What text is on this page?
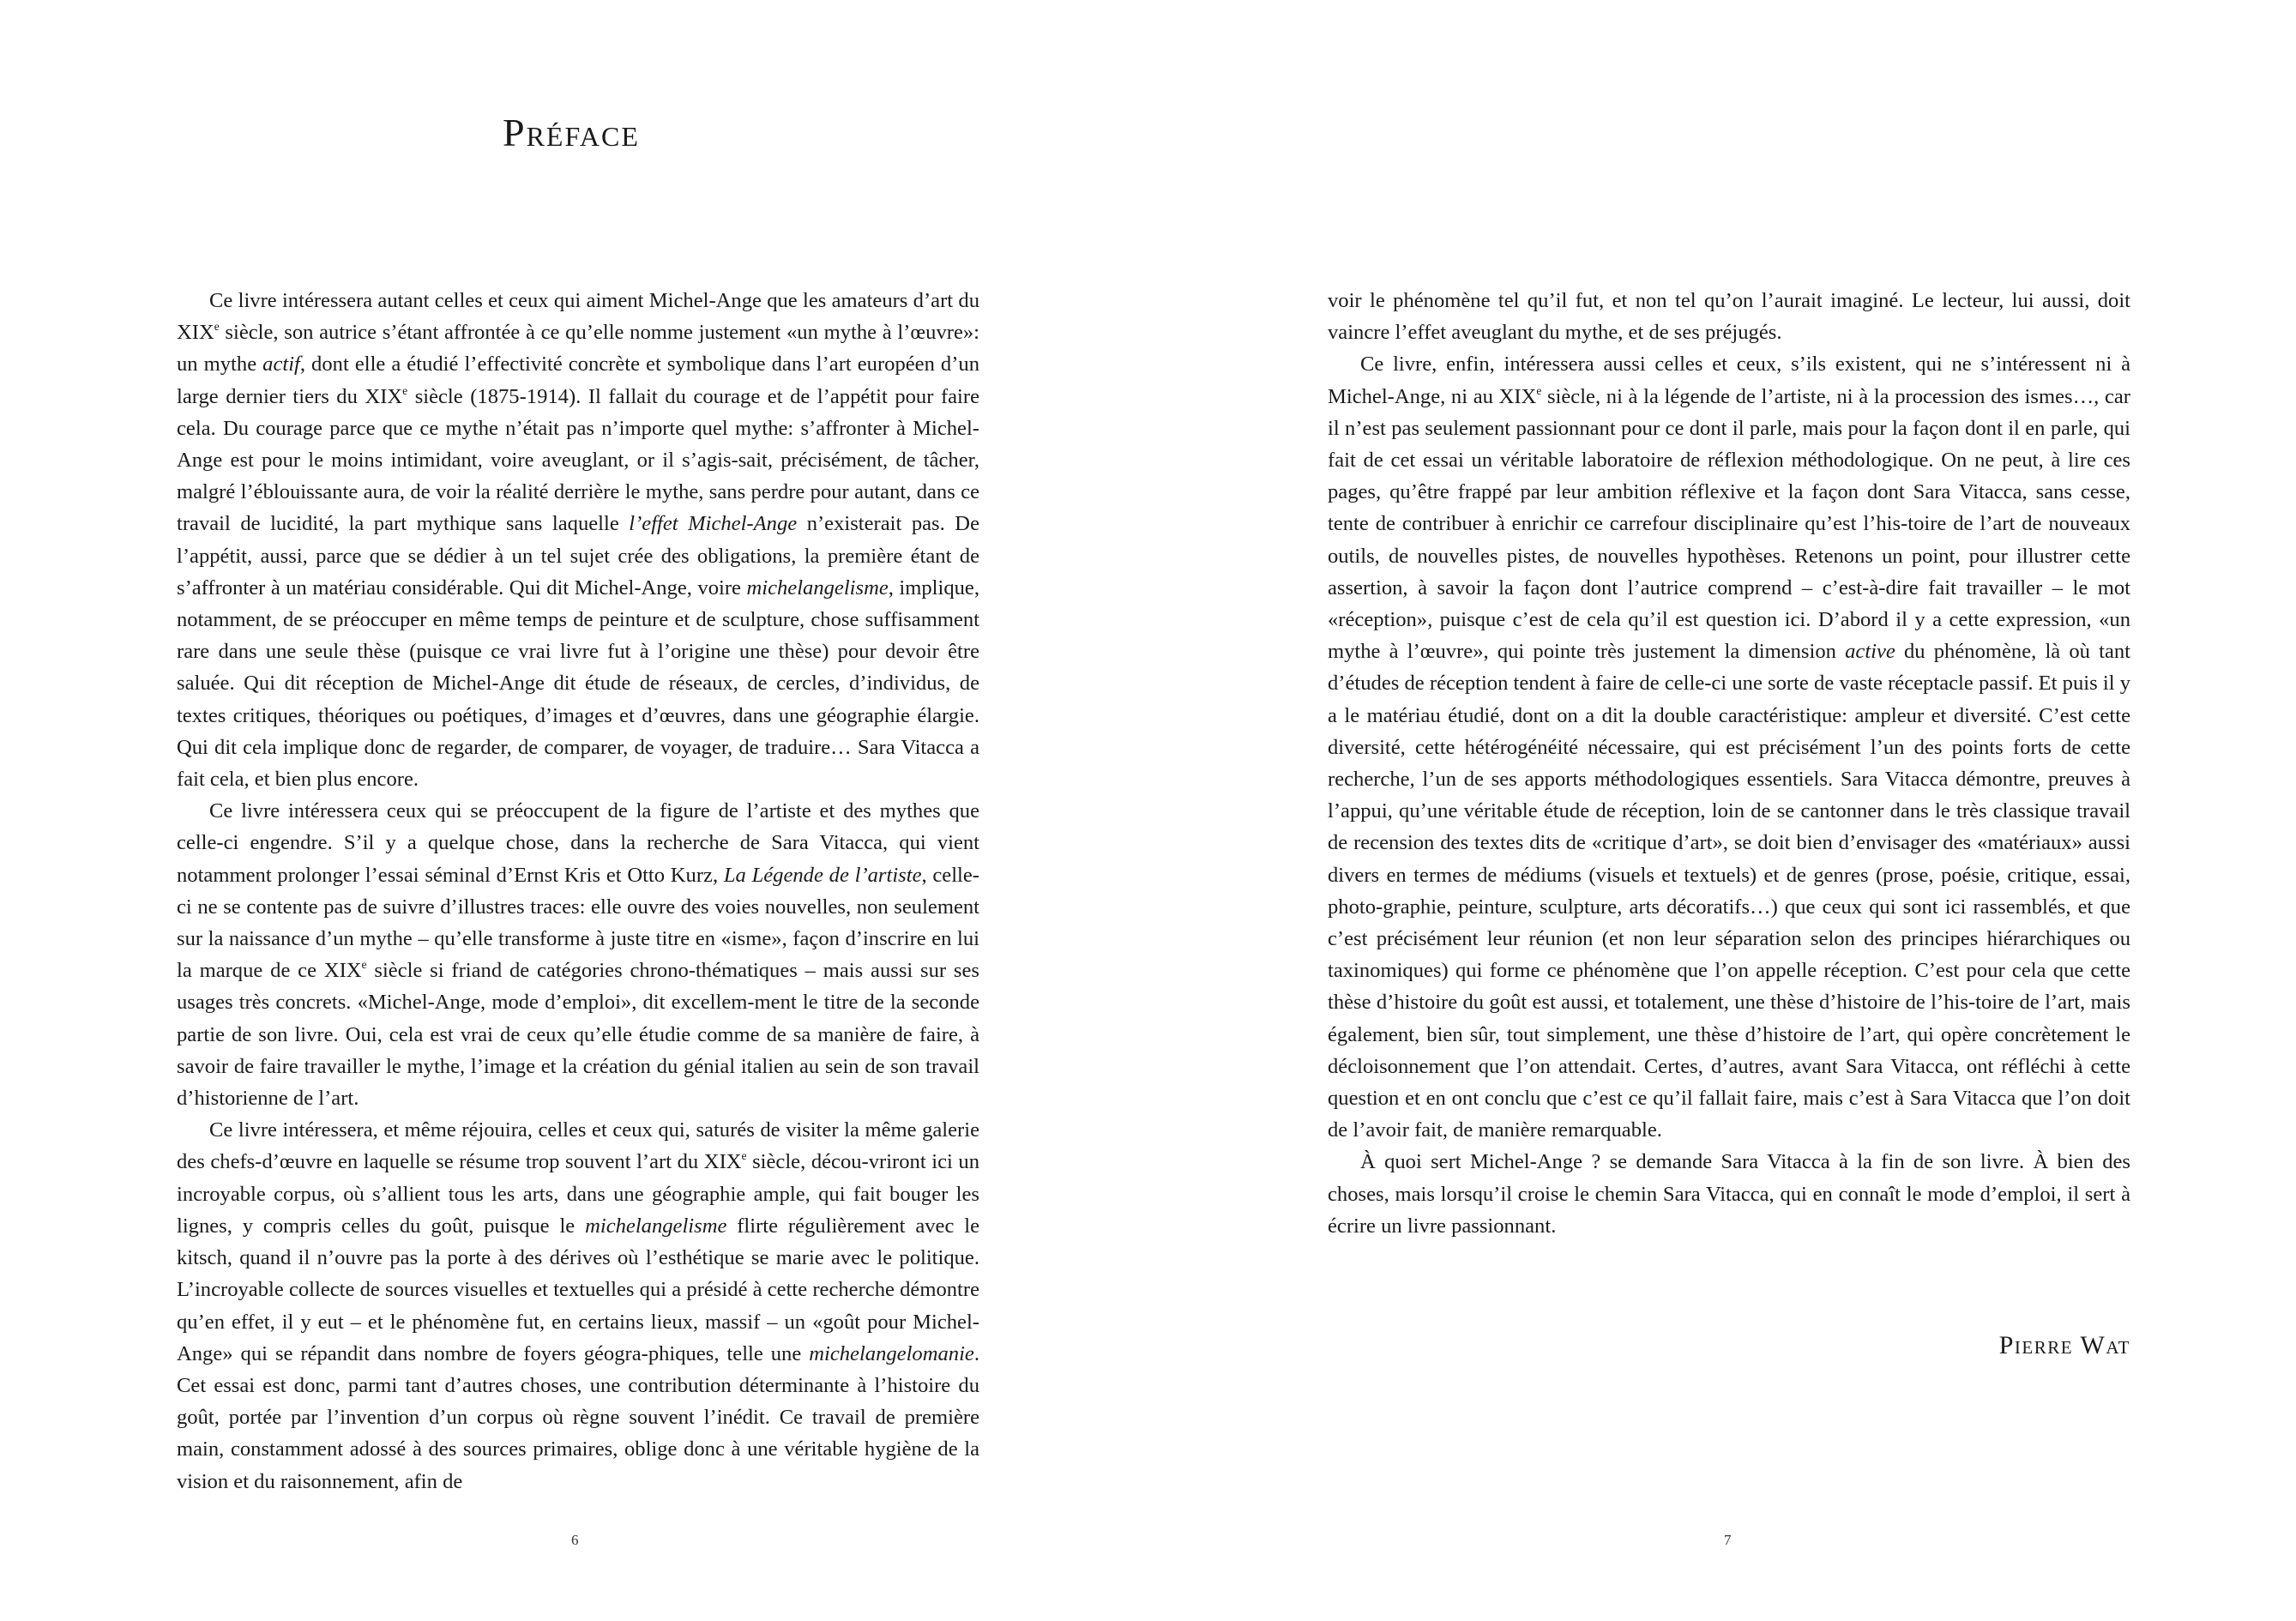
Préface

Ce livre intéressera autant celles et ceux qui aiment Michel-Ange que les amateurs d’art du XIXe siècle, son autrice s’étant affrontée à ce qu’elle nomme justement «un mythe à l’œuvre»: un mythe actif, dont elle a étudié l’effectivité concrète et symbolique dans l’art européen d’un large dernier tiers du XIXe siècle (1875-1914). Il fallait du courage et de l’appétit pour faire cela. Du courage parce que ce mythe n’était pas n’importe quel mythe: s’affronter à Michel-Ange est pour le moins intimidant, voire aveuglant, or il s’agis-sait, précisément, de tâcher, malgré l’éblouissante aura, de voir la réalité derrière le mythe, sans perdre pour autant, dans ce travail de lucidité, la part mythique sans laquelle l’effet Michel-Ange n’existerait pas. De l’appétit, aussi, parce que se dédier à un tel sujet crée des obligations, la première étant de s’affronter à un matériau considérable. Qui dit Michel-Ange, voire michelangelisme, implique, notamment, de se préoccuper en même temps de peinture et de sculpture, chose suffisamment rare dans une seule thèse (puisque ce vrai livre fut à l’origine une thèse) pour devoir être saluée. Qui dit réception de Michel-Ange dit étude de réseaux, de cercles, d’individus, de textes critiques, théoriques ou poétiques, d’images et d’œuvres, dans une géographie élargie. Qui dit cela implique donc de regarder, de comparer, de voyager, de traduire… Sara Vitacca a fait cela, et bien plus encore.

Ce livre intéressera ceux qui se préoccupent de la figure de l’artiste et des mythes que celle-ci engendre. S’il y a quelque chose, dans la recherche de Sara Vitacca, qui vient notamment prolonger l’essai séminal d’Ernst Kris et Otto Kurz, La Légende de l’artiste, celle-ci ne se contente pas de suivre d’illustres traces: elle ouvre des voies nouvelles, non seulement sur la naissance d’un mythe – qu’elle transforme à juste titre en «isme», façon d’inscrire en lui la marque de ce XIXe siècle si friand de catégories chrono-thématiques – mais aussi sur ses usages très concrets. «Michel-Ange, mode d’emploi», dit excellem-ment le titre de la seconde partie de son livre. Oui, cela est vrai de ceux qu’elle étudie comme de sa manière de faire, à savoir de faire travailler le mythe, l’image et la création du génial italien au sein de son travail d’historienne de l’art.

Ce livre intéressera, et même réjouira, celles et ceux qui, saturés de visiter la même galerie des chefs-d’œuvre en laquelle se résume trop souvent l’art du XIXe siècle, décou-vriront ici un incroyable corpus, où s’allient tous les arts, dans une géographie ample, qui fait bouger les lignes, y compris celles du goût, puisque le michelangelisme flirte régulièrement avec le kitsch, quand il n’ouvre pas la porte à des dérives où l’esthétique se marie avec le politique. L’incroyable collecte de sources visuelles et textuelles qui a présidé à cette recherche démontre qu’en effet, il y eut – et le phénomène fut, en certains lieux, massif – un «goût pour Michel-Ange» qui se répandit dans nombre de foyers géogra-phiques, telle une michelangelomanie. Cet essai est donc, parmi tant d’autres choses, une contribution déterminante à l’histoire du goût, portée par l’invention d’un corpus où règne souvent l’inédit. Ce travail de première main, constamment adossé à des sources primaires, oblige donc à une véritable hygiène de la vision et du raisonnement, afin de

6

voir le phénomène tel qu’il fut, et non tel qu’on l’aurait imaginé. Le lecteur, lui aussi, doit vaincre l’effet aveuglant du mythe, et de ses préjugés.

Ce livre, enfin, intéressera aussi celles et ceux, s’ils existent, qui ne s’intéressent ni à Michel-Ange, ni au XIXe siècle, ni à la légende de l’artiste, ni à la procession des ismes…, car il n’est pas seulement passionnant pour ce dont il parle, mais pour la façon dont il en parle, qui fait de cet essai un véritable laboratoire de réflexion méthodologique. On ne peut, à lire ces pages, qu’être frappé par leur ambition réflexive et la façon dont Sara Vitacca, sans cesse, tente de contribuer à enrichir ce carrefour disciplinaire qu’est l’his-toire de l’art de nouveaux outils, de nouvelles pistes, de nouvelles hypothèses. Retenons un point, pour illustrer cette assertion, à savoir la façon dont l’autrice comprend – c’est-à-dire fait travailler – le mot «réception», puisque c’est de cela qu’il est question ici. D’abord il y a cette expression, «un mythe à l’œuvre», qui pointe très justement la dimension active du phénomène, là où tant d’études de réception tendent à faire de celle-ci une sorte de vaste réceptacle passif. Et puis il y a le matériau étudié, dont on a dit la double caractéristique: ampleur et diversité. C’est cette diversité, cette hétérogénéité nécessaire, qui est précisément l’un des points forts de cette recherche, l’un de ses apports méthodologiques essentiels. Sara Vitacca démontre, preuves à l’appui, qu’une véritable étude de réception, loin de se cantonner dans le très classique travail de recension des textes dits de «critique d’art», se doit bien d’envisager des «matériaux» aussi divers en termes de médiums (visuels et textuels) et de genres (prose, poésie, critique, essai, photo-graphie, peinture, sculpture, arts décoratifs…) que ceux qui sont ici rassemblés, et que c’est précisément leur réunion (et non leur séparation selon des principes hiérarchiques ou taxinomiques) qui forme ce phénomène que l’on appelle réception. C’est pour cela que cette thèse d’histoire du goût est aussi, et totalement, une thèse d’histoire de l’his-toire de l’art, mais également, bien sûr, tout simplement, une thèse d’histoire de l’art, qui opère concrètement le décloisonnement que l’on attendait. Certes, d’autres, avant Sara Vitacca, ont réfléchi à cette question et en ont conclu que c’est ce qu’il fallait faire, mais c’est à Sara Vitacca que l’on doit de l’avoir fait, de manière remarquable.

À quoi sert Michel-Ange ? se demande Sara Vitacca à la fin de son livre. À bien des choses, mais lorsqu’il croise le chemin Sara Vitacca, qui en connaît le mode d’emploi, il sert à écrire un livre passionnant.

Pierre Wat
7
